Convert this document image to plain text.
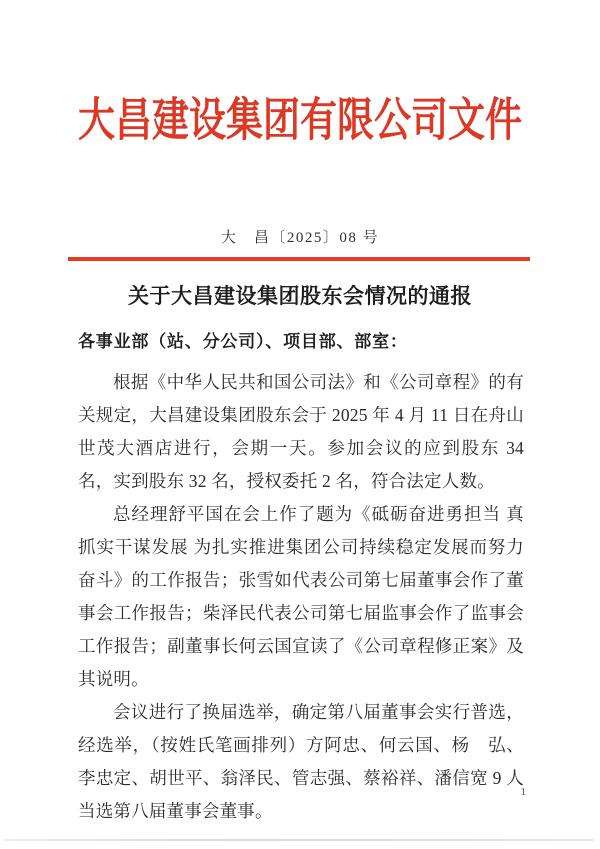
大昌建设集团有限公司文件
大　昌〔2025〕08 号
关于大昌建设集团股东会情况的通报

各事业部（站、分公司）、项目部、部室：

根据《中华人民共和国公司法》和《公司章程》的有关规定，大昌建设集团股东会于 2025 年 4 月 11 日在舟山世茂大酒店进行，会期一天。参加会议的应到股东 34 名，实到股东 32 名，授权委托 2 名，符合法定人数。

总经理舒平国在会上作了题为《砥砺奋进勇担当 真抓实干谋发展 为扎实推进集团公司持续稳定发展而努力奋斗》的工作报告；张雪如代表公司第七届董事会作了董事会工作报告；柴泽民代表公司第七届监事会作了监事会工作报告；副董事长何云国宣读了《公司章程修正案》及其说明。

会议进行了换届选举，确定第八届董事会实行普选，经选举，（按姓氏笔画排列）方阿忠、何云国、杨　弘、李忠定、胡世平、翁泽民、管志强、蔡裕祥、潘信宽 9 人当选第八届董事会董事。

1
